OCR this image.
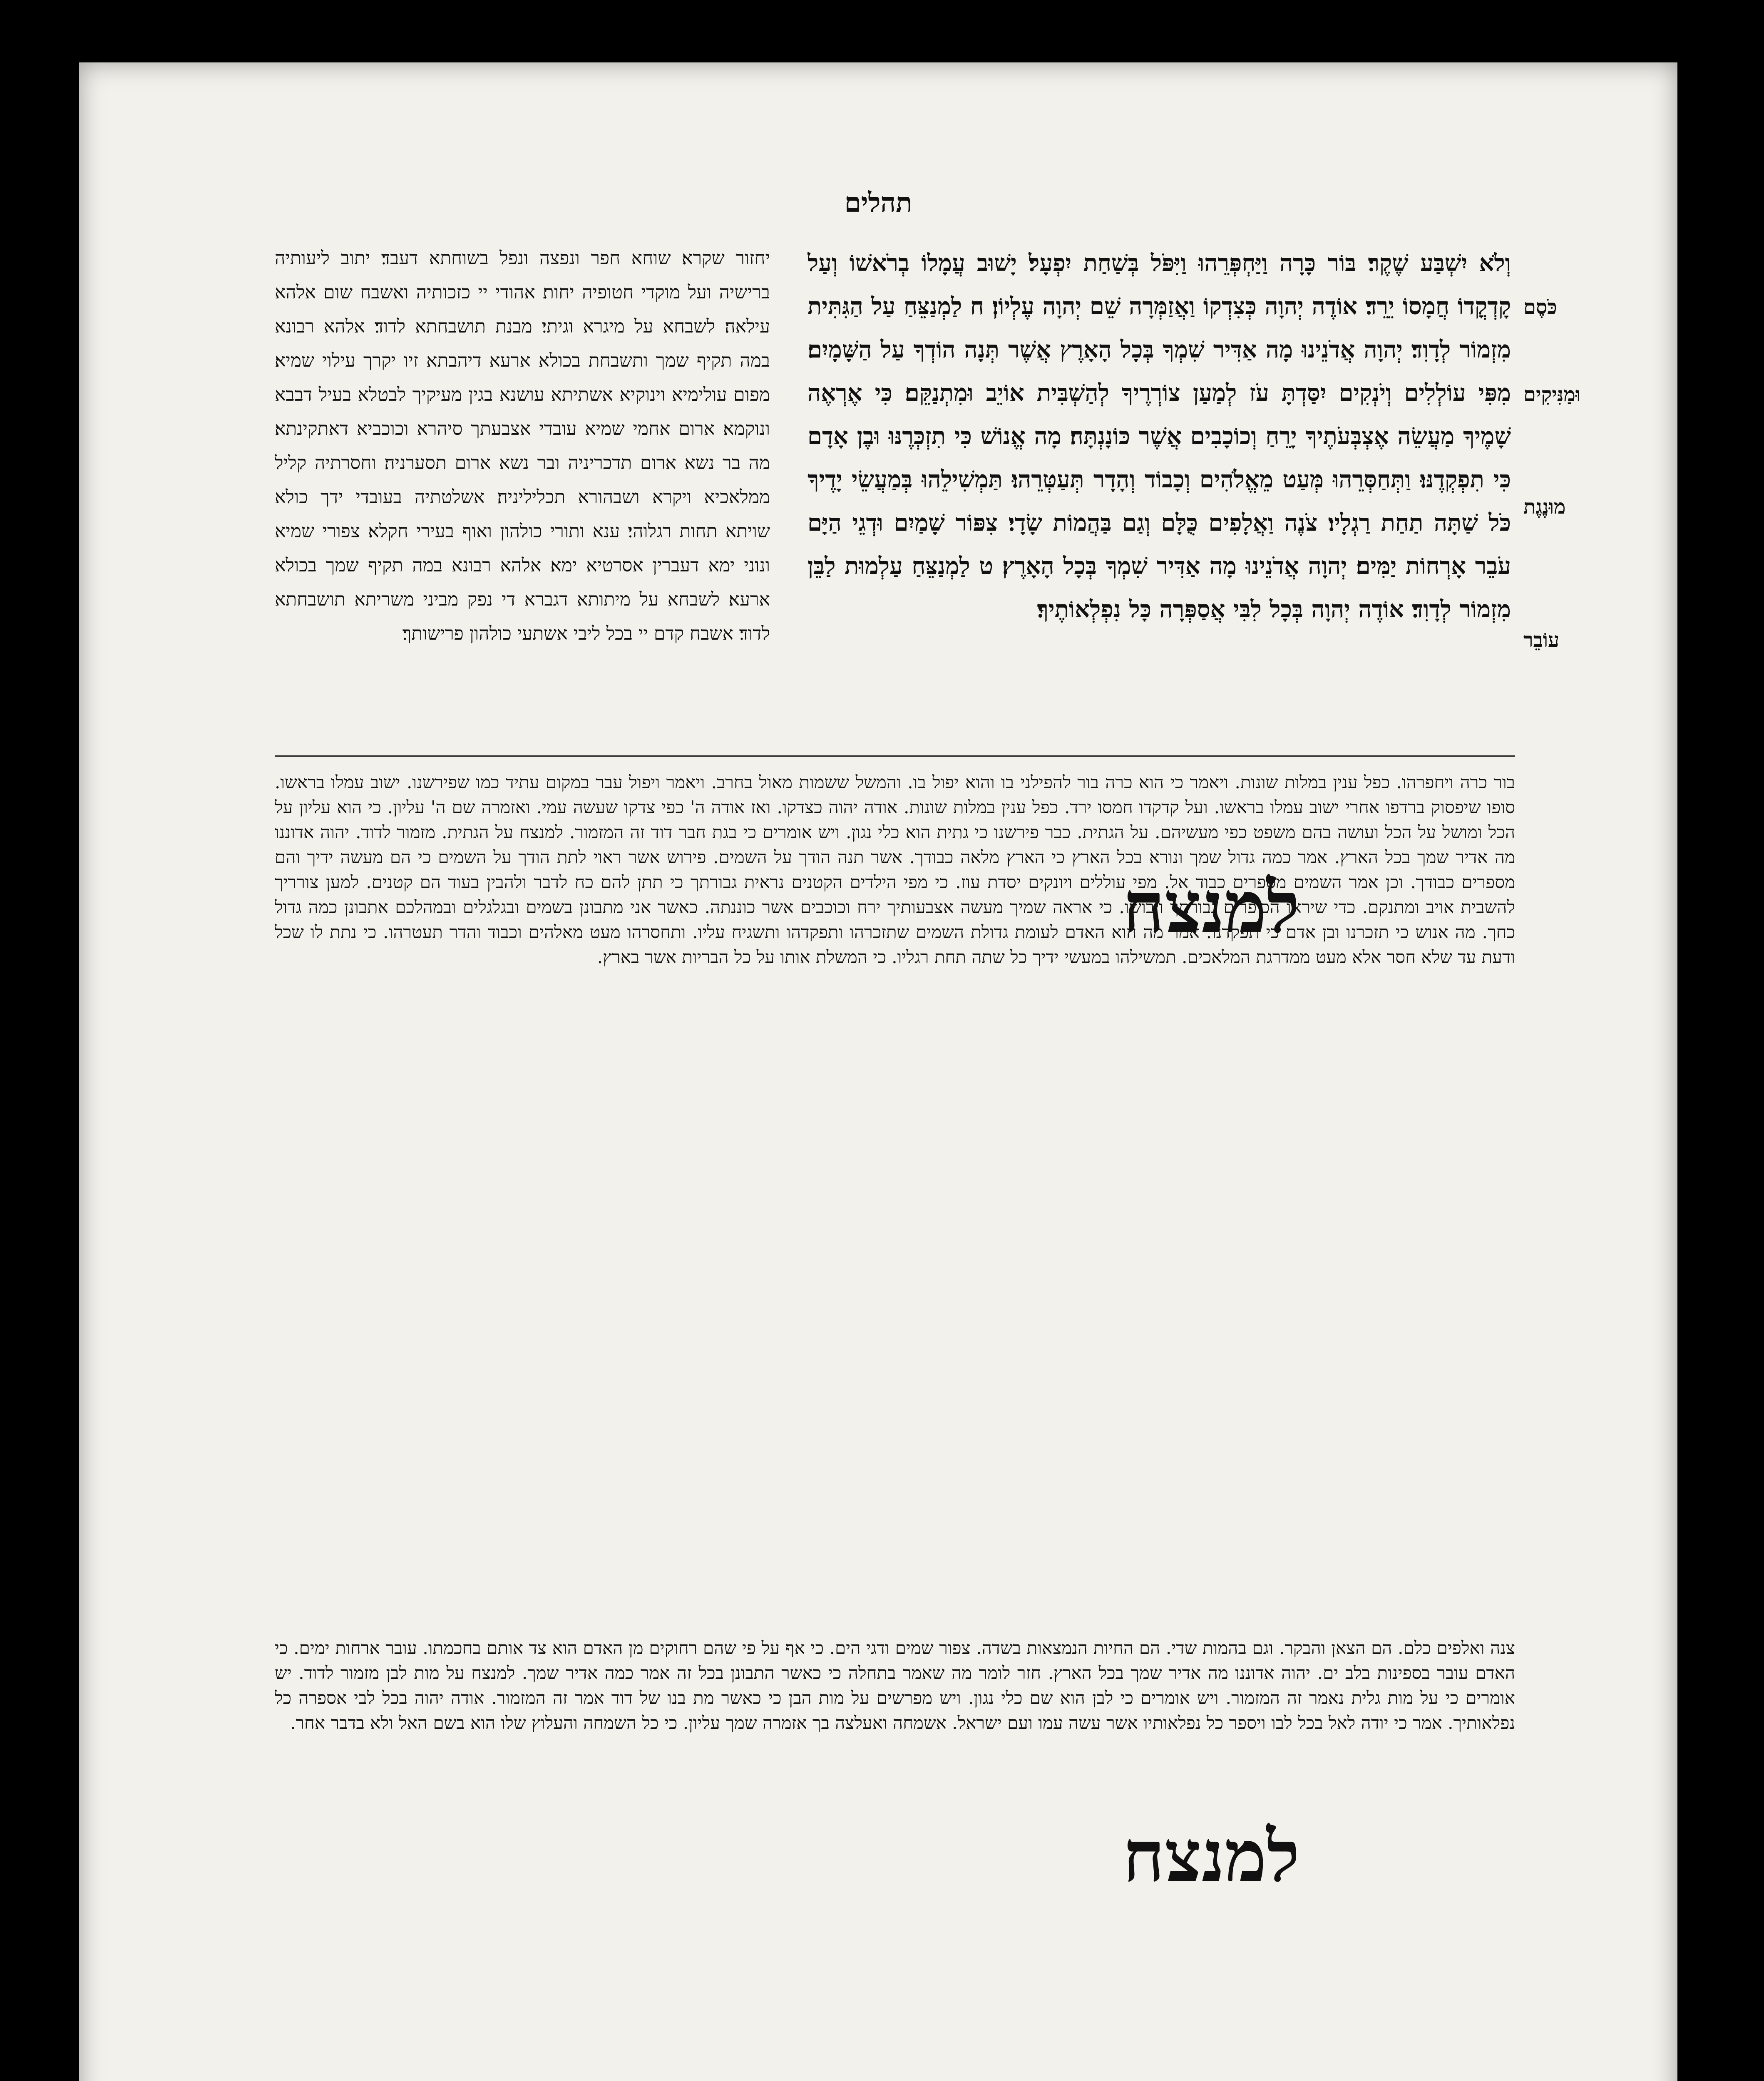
תהלים

וְלֹא יִשְׁבַּע שֶׁקֶר׃ בּוֹר כָּרָה וַיַּחְפְּרֵהוּ וַיִּפֹּל בְּשַׁחַת יִפְעָל׃ יָשׁוּב עֲמָלוֹ בְרֹאשׁוֹ וְעַל קָדְקֳדוֹ חֲמָסוֹ יֵרֵד׃ אוֹדֶה יְהוָה כְּצִדְקוֹ וַאֲזַמְּרָה שֵׁם יְהוָה עֶלְיוֹן׃ ח לַמְנַצֵּחַ עַל הַגִּתִּית מִזְמוֹר לְדָוִד׃ יְהוָה אֲדֹנֵינוּ מָה אַדִּיר שִׁמְךָ בְּכָל הָאָרֶץ אֲשֶׁר תְּנָה הוֹדְךָ עַל הַשָּׁמָיִם׃ מִפִּי עוֹלְלִים וְיֹנְקִים יִסַּדְתָּ עֹז לְמַעַן צוֹרְרֶיךָ לְהַשְׁבִּית אוֹיֵב וּמִתְנַקֵּם׃ כִּי אֶרְאֶה שָׁמֶיךָ מַעֲשֵׂה אֶצְבְּעֹתֶיךָ יָרֵחַ וְכוֹכָבִים אֲשֶׁר כּוֹנָנְתָּה׃ מָה אֱנוֹשׁ כִּי תִזְכְּרֶנּוּ וּבֶן אָדָם כִּי תִפְקְדֶנּוּ׃ וַתְּחַסְּרֵהוּ מְּעַט מֵאֱלֹהִים וְכָבוֹד וְהָדָר תְּעַטְּרֵהוּ׃ תַּמְשִׁילֵהוּ בְּמַעֲשֵׂי יָדֶיךָ כֹּל שַׁתָּה תַחַת רַגְלָיו׃ צֹנֶה וַאֲלָפִים כֻּלָּם וְגַם בַּהֲמוֹת שָׂדָי׃ צִפּוֹר שָׁמַיִם וּדְגֵי הַיָּם עֹבֵר אָרְחוֹת יַמִּים׃ יְהוָה אֲדֹנֵינוּ מָה אַדִּיר שִׁמְךָ בְּכָל הָאָרֶץ׃ ט לַמְנַצֵּחַ עַלְמוּת לַבֵּן מִזְמוֹר לְדָוִד׃ אוֹדֶה יְהוָה בְּכָל לִבִּי אֲסַפְּרָה כָּל נִפְלְאוֹתֶיךָ׃

כֹּסֶם
וּמַנִּיקִים
מוּנֶגֶת
עוֹבֵר

יחזור שקרא׃ שוחא חפר ונפצה ונפל בשוחתא דעבד׃ יתוב ליעותיה ברישיה ועל מוקדי חטופיה יחות׃ אהודי יי כזכותיה ואשבח שום אלהא עילאה׃ לשבחא על מיגרא וגיתי׃ מבנת תושבחתא לדוד׃ אלהא רבונא במה תקיף שמך ותשבחת בכולא ארעא דיהבתא זיו יקרך עילוי שמיא׃ מפום עולימיא וינוקיא אשתיתא עושנא בגין מעיקיך לבטלא בעיל דבבא ונוקמא׃ ארום אחמי שמיא עובדי אצבעתך סיהרא וכוכביא דאתקינתא׃ מה בר נשא ארום תדכריניה ובר נשא ארום תסערניה׃ וחסרתיה קליל ממלאכיא ויקרא ושבהורא תכליליניה׃ אשלטתיה בעובדי ידך כולא שויתא תחות רגלוהי׃ ענא ותורי כולהון ואוף בעירי חקלא׃ צפורי שמיא ונוני ימא דעברין אסרטיא ימא׃ אלהא רבונא במה תקיף שמך בכולא ארעא׃ לשבחא על מיתותא דגברא די נפק מביני משריתא תושבחתא לדוד׃ אשבח קדם יי בכל ליבי אשתעי כולהון פרישותך׃

למנצח

בור כרה ויחפרהו. כפל ענין במלות שונות. ויאמר כי הוא כרה בור להפילני בו והוא יפול בו. והמשל ששמות מאול בחרב. ויאמר ויפול עבר במקום עתיד כמו שפירשנו. ישוב עמלו בראשו. סופו שיפסוק ברדפו אחרי ישוב עמלו בראשו. ועל קדקדו חמסו ירד. כפל ענין במלות שונות. אודה יהוה כצדקו. ואז אודה ה' כפי צדקו שעשה עמי. ואזמרה שם ה' עליון. כי הוא עליון על הכל ומושל על הכל ועושה בהם משפט כפי מעשיהם. על הגתית. כבר פירשנו כי גתית הוא כלי נגון. ויש אומרים כי בגת חבר דוד זה המזמור. למנצח על הגתית. מזמור לדוד. יהוה אדוננו מה אדיר שמך בכל הארץ. אמר כמה גדול שמך ונורא בכל הארץ כי הארץ מלאה כבודך. אשר תנה הודך על השמים. פירוש אשר ראוי לתת הודך על השמים כי הם מעשה ידיך והם מספרים כבודך. וכן אמר השמים מספרים כבוד אל. מפי עוללים ויונקים יסדת עוז. כי מפי הילדים הקטנים נראית גבורתך כי תתן להם כח לדבר ולהבין בעוד הם קטנים. למען צורריך להשבית אויב ומתנקם. כדי שיראו הכופרים גבורתך ויבושו. כי אראה שמיך מעשה אצבעותיך ירח וכוכבים אשר כוננתה. כאשר אני מתבונן בשמים ובגלגלים ובמהלכם אתבונן כמה גדול כחך. מה אנוש כי תזכרנו ובן אדם כי תפקדנו. אמר מה הוא האדם לעומת גדולת השמים שתזכרהו ותפקדהו ותשגיח עליו. ותחסרהו מעט מאלהים וכבוד והדר תעטרהו. כי נתת לו שכל ודעת עד שלא חסר אלא מעט ממדרגת המלאכים. תמשילהו במעשי ידיך כל שתה תחת רגליו. כי המשלת אותו על כל הבריות אשר בארץ.

למנצח

צנה ואלפים כלם. הם הצאן והבקר. וגם בהמות שדי. הם החיות הנמצאות בשדה. צפור שמים ודגי הים. כי אף על פי שהם רחוקים מן האדם הוא צד אותם בחכמתו. עובר ארחות ימים. כי האדם עובר בספינות בלב ים. יהוה אדוננו מה אדיר שמך בכל הארץ. חזר לומר מה שאמר בתחלה כי כאשר התבונן בכל זה אמר כמה אדיר שמך. למנצח על מות לבן מזמור לדוד. יש אומרים כי על מות גלית נאמר זה המזמור. ויש אומרים כי לבן הוא שם כלי נגון. ויש מפרשים על מות הבן כי כאשר מת בנו של דוד אמר זה המזמור. אודה יהוה בכל לבי אספרה כל נפלאותיך. אמר כי יודה לאל בכל לבו ויספר כל נפלאותיו אשר עשה עמו ועם ישראל. אשמחה ואעלצה בך אזמרה שמך עליון. כי כל השמחה והעלוץ שלו הוא בשם האל ולא בדבר אחר.
